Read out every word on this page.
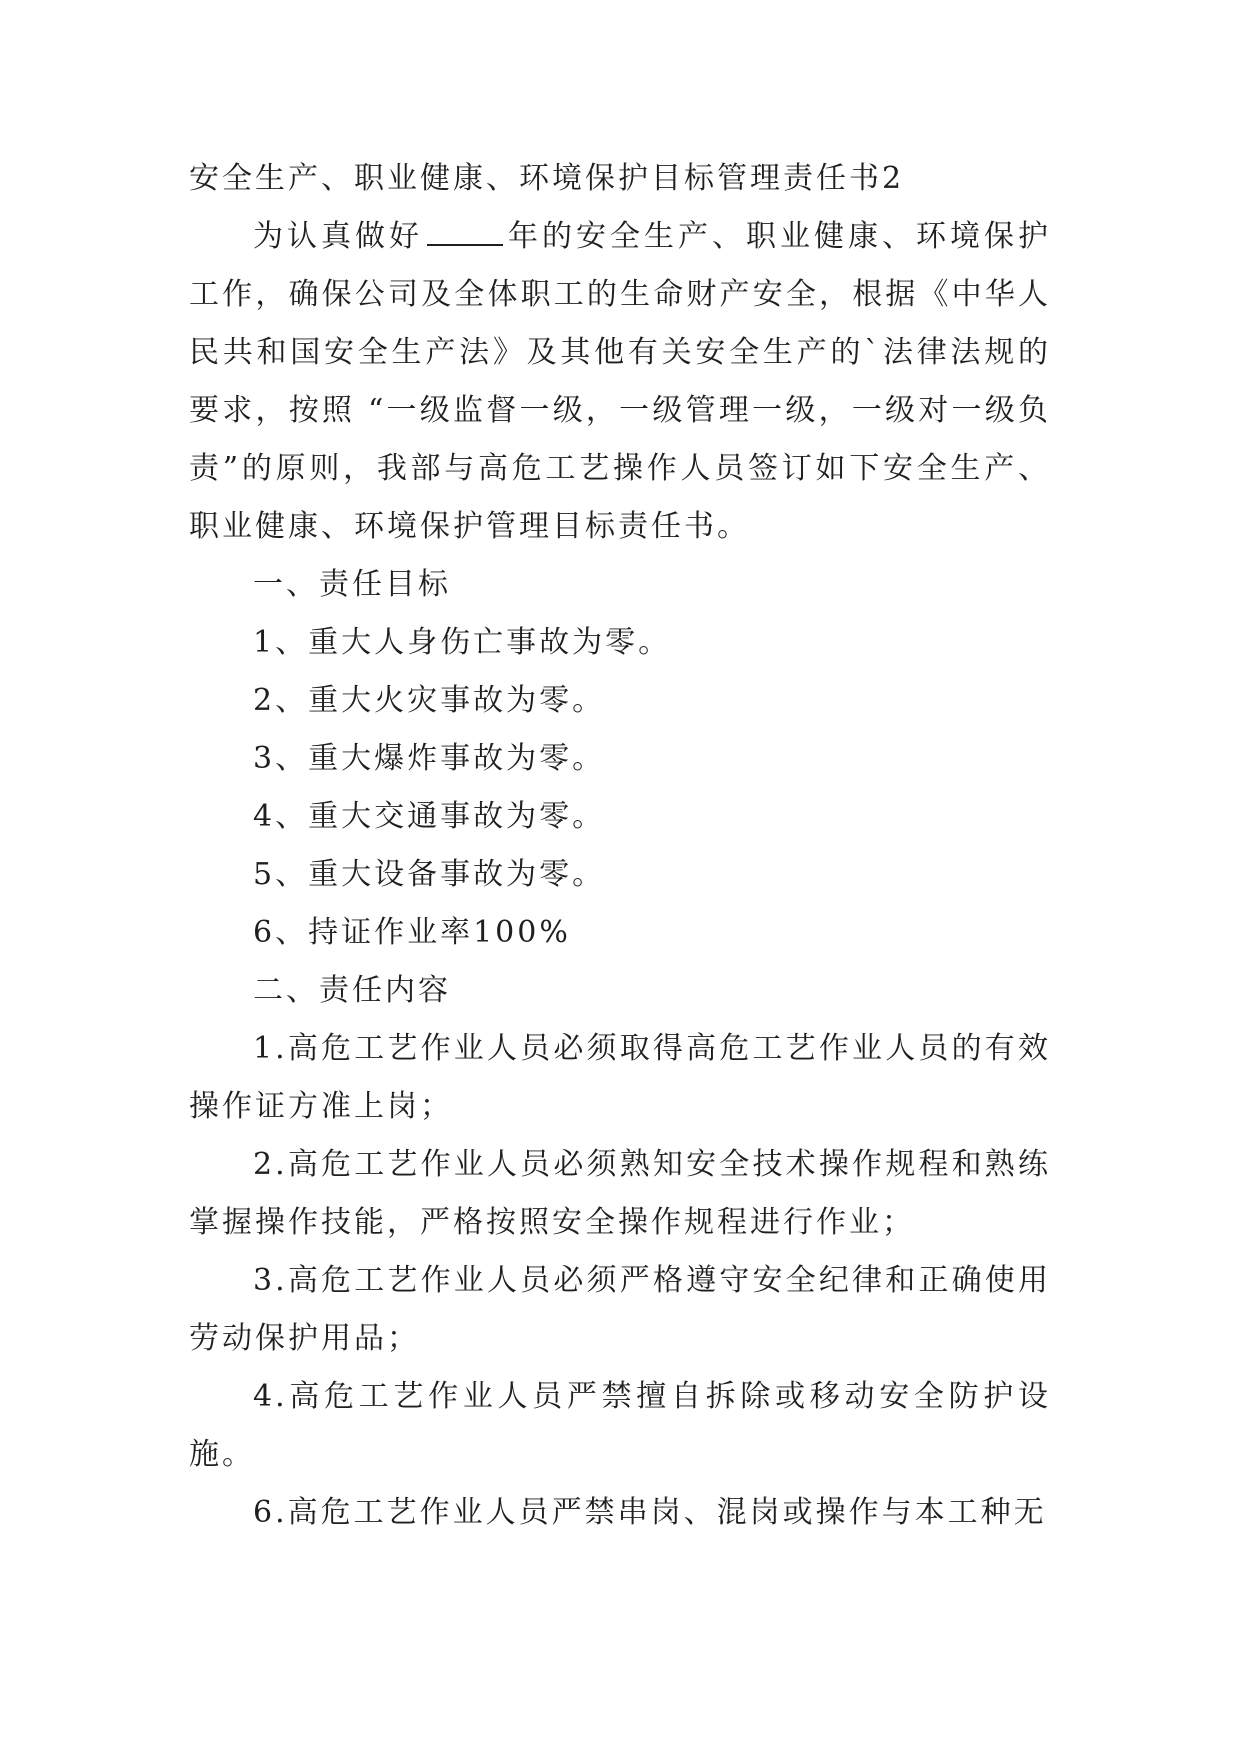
安全生产、职业健康、环境保护目标管理责任书2

为认真做好	年的安全生产、职业健康、环境保护工作，确保公司及全体职工的生命财产安全，根据《中华人民共和国安全生产法》及其他有关安全生产的`法律法规的要求，按照 “一级监督一级，一级管理一级，一级对一级负责”的原则，我部与高危工艺操作人员签订如下安全生产、职业健康、环境保护管理目标责任书。

一、责任目标

1、重大人身伤亡事故为零。

2、重大火灾事故为零。

3、重大爆炸事故为零。

4、重大交通事故为零。

5、重大设备事故为零。

6、持证作业率100%

二、责任内容

1.高危工艺作业人员必须取得高危工艺作业人员的有效操作证方准上岗；

2.高危工艺作业人员必须熟知安全技术操作规程和熟练掌握操作技能，严格按照安全操作规程进行作业；

3.高危工艺作业人员必须严格遵守安全纪律和正确使用劳动保护用品；

4.高危工艺作业人员严禁擅自拆除或移动安全防护设施。

6.高危工艺作业人员严禁串岗、混岗或操作与本工种无
